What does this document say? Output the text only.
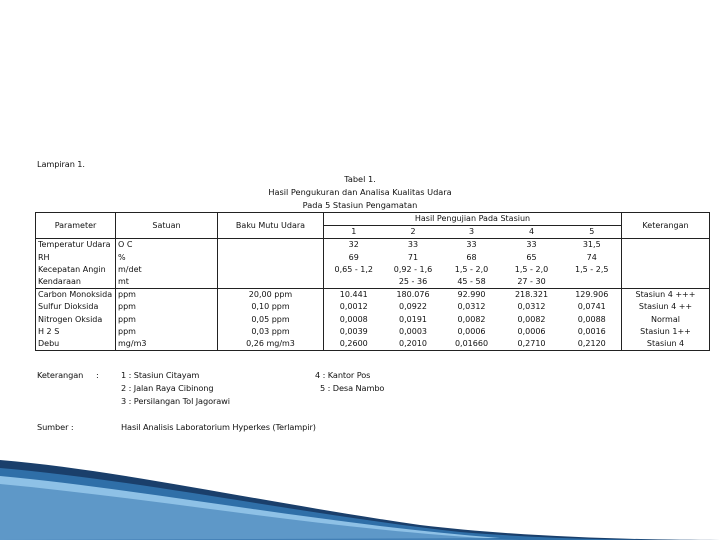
Lampiran 1.
Tabel 1.
Hasil Pengukuran dan Analisa Kualitas Udara
Pada 5 Stasiun Pengamatan
Parameter	Satuan	Baku Mutu Udara	Hasil Pengujian Pada Stasiun					Keterangan
			1	2	3	4	5	
Temperatur Udara	O C		32	33	33	33	31,5	
RH	%		69	71	68	65	74	
Kecepatan Angin	m/det		0,65 - 1,2	0,92 - 1,6	1,5 - 2,0	1,5 - 2,0	1,5 - 2,5	
Kendaraan	mt			25 - 36	45 - 58	27 - 30		
Carbon Monoksida	ppm	20,00 ppm	10.441	180.076	92.990	218.321	129.906	Stasiun 4 +++
Sulfur Dioksida	ppm	0,10 ppm	0,0012	0,0922	0,0312	0,0312	0,0741	Stasiun 4 ++
Nitrogen Oksida	ppm	0,05 ppm	0,0008	0,0191	0,0082	0,0082	0,0088	Normal
H 2 S	ppm	0,03 ppm	0,0039	0,0003	0,0006	0,0006	0,0016	Stasiun 1++
Debu	mg/m3	0,26 mg/m3	0,2600	0,2010	0,01660	0,2710	0,2120	Stasiun 4
Keterangan :	1 : Stasiun Citayam
2 : Jalan Raya Cibinong
3 : Persilangan Tol Jagorawi
4 : Kantor Pos
5 : Desa Nambo
Sumber :	Hasil Analisis Laboratorium Hyperkes (Terlampir)
